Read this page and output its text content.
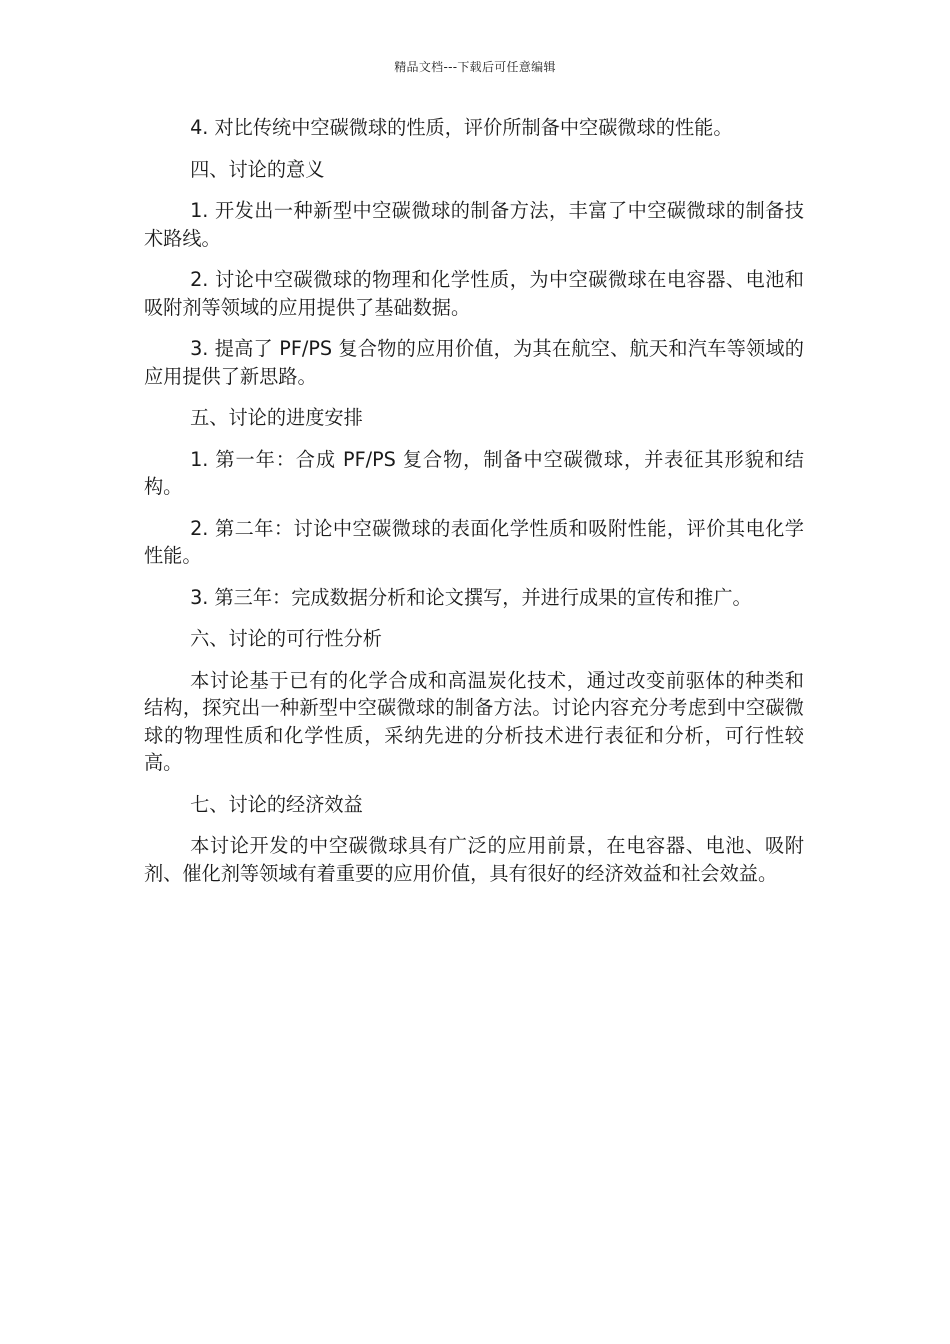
精品文档---下载后可任意编辑

4. 对比传统中空碳微球的性质，评价所制备中空碳微球的性能。

四、讨论的意义

1. 开发出一种新型中空碳微球的制备方法，丰富了中空碳微球的制备技术路线。

2. 讨论中空碳微球的物理和化学性质，为中空碳微球在电容器、电池和吸附剂等领域的应用提供了基础数据。

3. 提高了 PF/PS 复合物的应用价值，为其在航空、航天和汽车等领域的应用提供了新思路。

五、讨论的进度安排

1. 第一年：合成 PF/PS 复合物，制备中空碳微球，并表征其形貌和结构。

2. 第二年：讨论中空碳微球的表面化学性质和吸附性能，评价其电化学性能。

3. 第三年：完成数据分析和论文撰写，并进行成果的宣传和推广。

六、讨论的可行性分析

本讨论基于已有的化学合成和高温炭化技术，通过改变前驱体的种类和结构，探究出一种新型中空碳微球的制备方法。讨论内容充分考虑到中空碳微球的物理性质和化学性质，采纳先进的分析技术进行表征和分析，可行性较高。

七、讨论的经济效益

本讨论开发的中空碳微球具有广泛的应用前景，在电容器、电池、吸附剂、催化剂等领域有着重要的应用价值，具有很好的经济效益和社会效益。
